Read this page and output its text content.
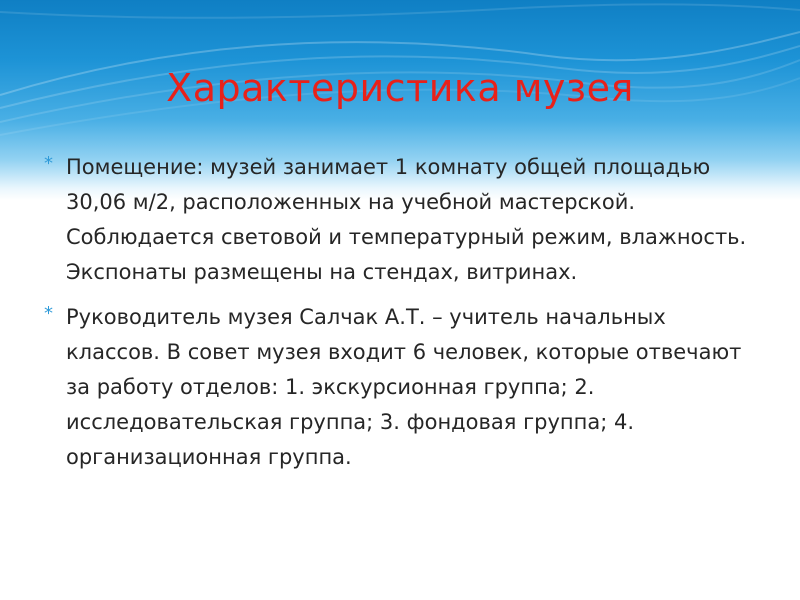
Характеристика музея
* Помещение: музей занимает 1 комнату общей площадью 30,06 м/2, расположенных на учебной мастерской. Соблюдается световой и температурный режим, влажность. Экспонаты размещены на стендах, витринах.
* Руководитель музея Салчак А.Т. – учитель начальных классов. В совет музея входит 6 человек, которые отвечают за работу отделов: 1. экскурсионная группа; 2. исследовательская группа; 3. фондовая группа; 4. организационная группа.
